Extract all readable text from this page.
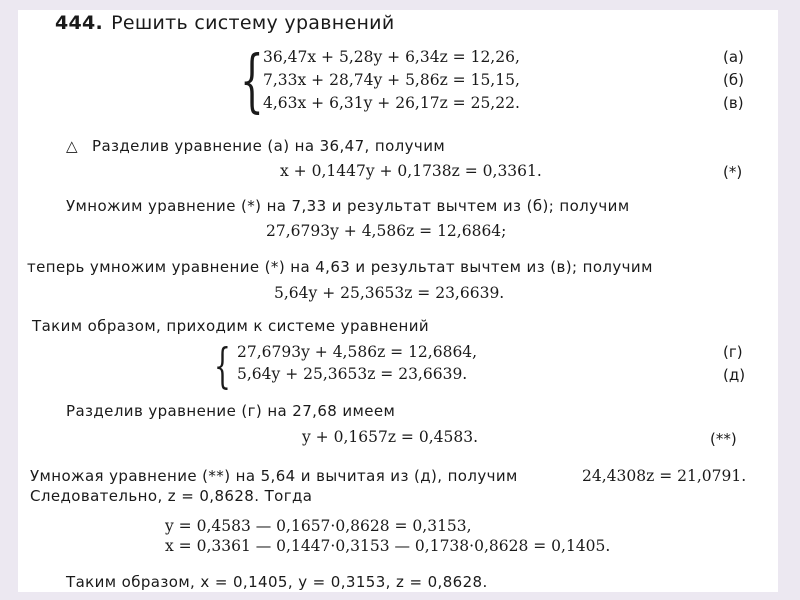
444. Решить систему уравнений
{ 36,47x + 5,28y + 6,34z = 12,26,	(а)
7,33x + 28,74y + 5,86z = 15,15,	(б)
4,63x + 6,31y + 26,17z = 25,22.	(в)
△ Разделив уравнение (а) на 36,47, получим
x + 0,1447y + 0,1738z = 0,3361.	(*)
Умножим уравнение (*) на 7,33 и результат вычтем из (б); получим
27,6793y + 4,586z = 12,6864;
теперь умножим уравнение (*) на 4,63 и результат вычтем из (в); получим
5,64y + 25,3653z = 23,6639.
Таким образом, приходим к системе уравнений
{ 27,6793y + 4,586z = 12,6864,	(г)
5,64y + 25,3653z = 23,6639.	(д)
Разделив уравнение (г) на 27,68 имеем
y + 0,1657z = 0,4583.	(**)
Умножая уравнение (**) на 5,64 и вычитая из (д), получим	24,4308z = 21,0791.
Следовательно, z = 0,8628. Тогда
y = 0,4583 — 0,1657·0,8628 = 0,3153,
x = 0,3361 — 0,1447·0,3153 — 0,1738·0,8628 = 0,1405.
Таким образом, x = 0,1405, y = 0,3153, z = 0,8628.
